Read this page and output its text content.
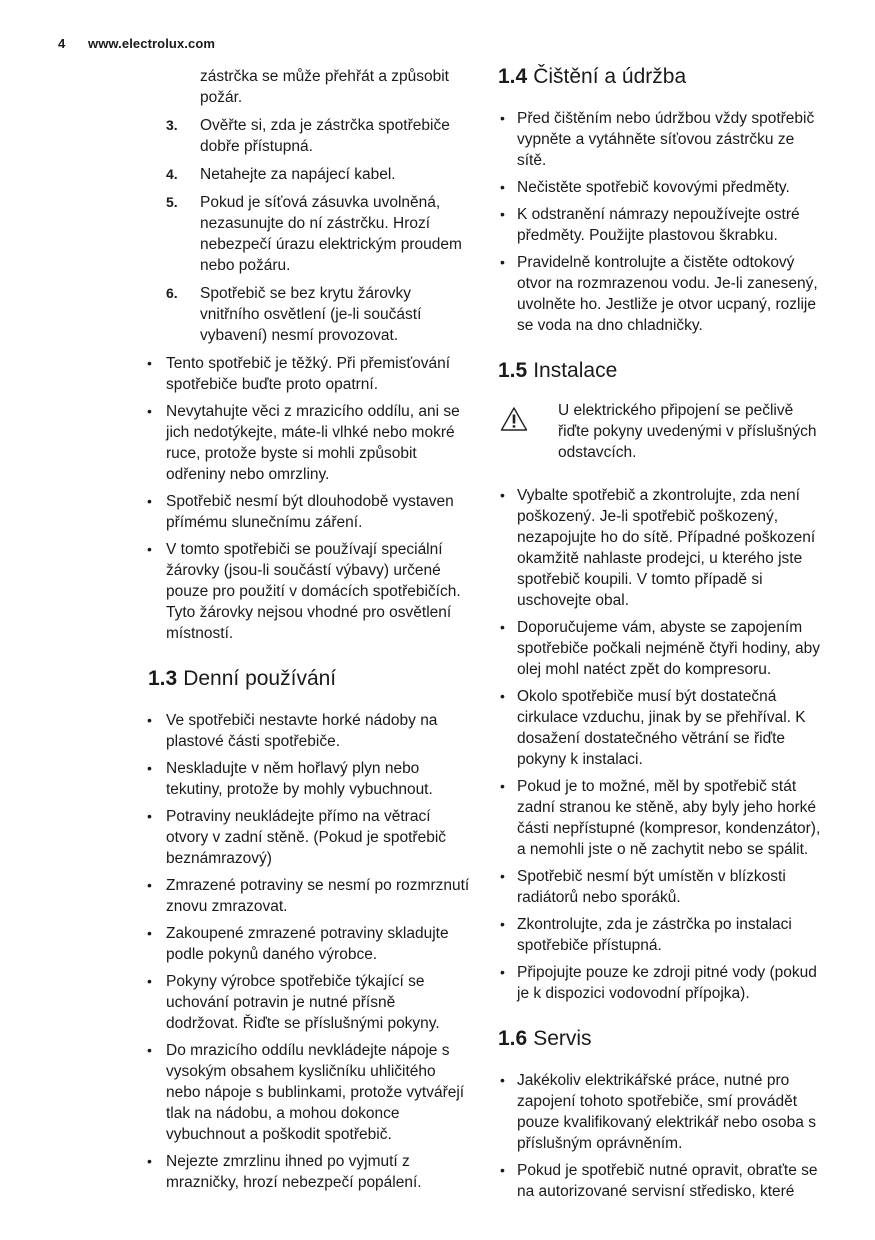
4 www.electrolux.com
zástrčka se může přehřát a způsobit požár.
3. Ověřte si, zda je zástrčka spotřebiče dobře přístupná.
4. Netahejte za napájecí kabel.
5. Pokud je síťová zásuvka uvolněná, nezasunujte do ní zástrčku. Hrozí nebezpečí úrazu elektrickým proudem nebo požáru.
6. Spotřebič se bez krytu žárovky vnitřního osvětlení (je-li součástí vybavení) nesmí provozovat.
• Tento spotřebič je těžký. Při přemisťování spotřebiče buďte proto opatrní.
• Nevytahujte věci z mrazicího oddílu, ani se jich nedotýkejte, máte-li vlhké nebo mokré ruce, protože byste si mohli způsobit odřeniny nebo omrzliny.
• Spotřebič nesmí být dlouhodobě vystaven přímému slunečnímu záření.
• V tomto spotřebiči se používají speciální žárovky (jsou-li součástí výbavy) určené pouze pro použití v domácích spotřebičích. Tyto žárovky nejsou vhodné pro osvětlení místností.
1.3 Denní používání
• Ve spotřebiči nestavte horké nádoby na plastové části spotřebiče.
• Neskladujte v něm hořlavý plyn nebo tekutiny, protože by mohly vybuchnout.
• Potraviny neukládejte přímo na větrací otvory v zadní stěně. (Pokud je spotřebič beznámrazový)
• Zmrazené potraviny se nesmí po rozmrznutí znovu zmrazovat.
• Zakoupené zmrazené potraviny skladujte podle pokynů daného výrobce.
• Pokyny výrobce spotřebiče týkající se uchování potravin je nutné přísně dodržovat. Řiďte se příslušnými pokyny.
• Do mrazicího oddílu nevkládejte nápoje s vysokým obsahem kysličníku uhličitého nebo nápoje s bublinkami, protože vytvářejí tlak na nádobu, a mohou dokonce vybuchnout a poškodit spotřebič.
• Nejezte zmrzlinu ihned po vyjmutí z mrazničky, hrozí nebezpečí popálení.
1.4 Čištění a údržba
• Před čištěním nebo údržbou vždy spotřebič vypněte a vytáhněte síťovou zástrčku ze sítě.
• Nečistěte spotřebič kovovými předměty.
• K odstranění námrazy nepoužívejte ostré předměty. Použijte plastovou škrabku.
• Pravidelně kontrolujte a čistěte odtokový otvor na rozmrazenou vodu. Je-li zanesený, uvolněte ho. Jestliže je otvor ucpaný, rozlije se voda na dno chladničky.
1.5 Instalace
U elektrického připojení se pečlivě řiďte pokyny uvedenými v příslušných odstavcích.
• Vybalte spotřebič a zkontrolujte, zda není poškozený. Je-li spotřebič poškozený, nezapojujte ho do sítě. Případné poškození okamžitě nahlaste prodejci, u kterého jste spotřebič koupili. V tomto případě si uschovejte obal.
• Doporučujeme vám, abyste se zapojením spotřebiče počkali nejméně čtyři hodiny, aby olej mohl natéct zpět do kompresoru.
• Okolo spotřebiče musí být dostatečná cirkulace vzduchu, jinak by se přehříval. K dosažení dostatečného větrání se řiďte pokyny k instalaci.
• Pokud je to možné, měl by spotřebič stát zadní stranou ke stěně, aby byly jeho horké části nepřístupné (kompresor, kondenzátor), a nemohli jste o ně zachytit nebo se spálit.
• Spotřebič nesmí být umístěn v blízkosti radiátorů nebo sporáků.
• Zkontrolujte, zda je zástrčka po instalaci spotřebiče přístupná.
• Připojujte pouze ke zdroji pitné vody (pokud je k dispozici vodovodní přípojka).
1.6 Servis
• Jakékoliv elektrikářské práce, nutné pro zapojení tohoto spotřebiče, smí provádět pouze kvalifikovaný elektrikář nebo osoba s příslušným oprávněním.
• Pokud je spotřebič nutné opravit, obraťte se na autorizované servisní středisko, které
